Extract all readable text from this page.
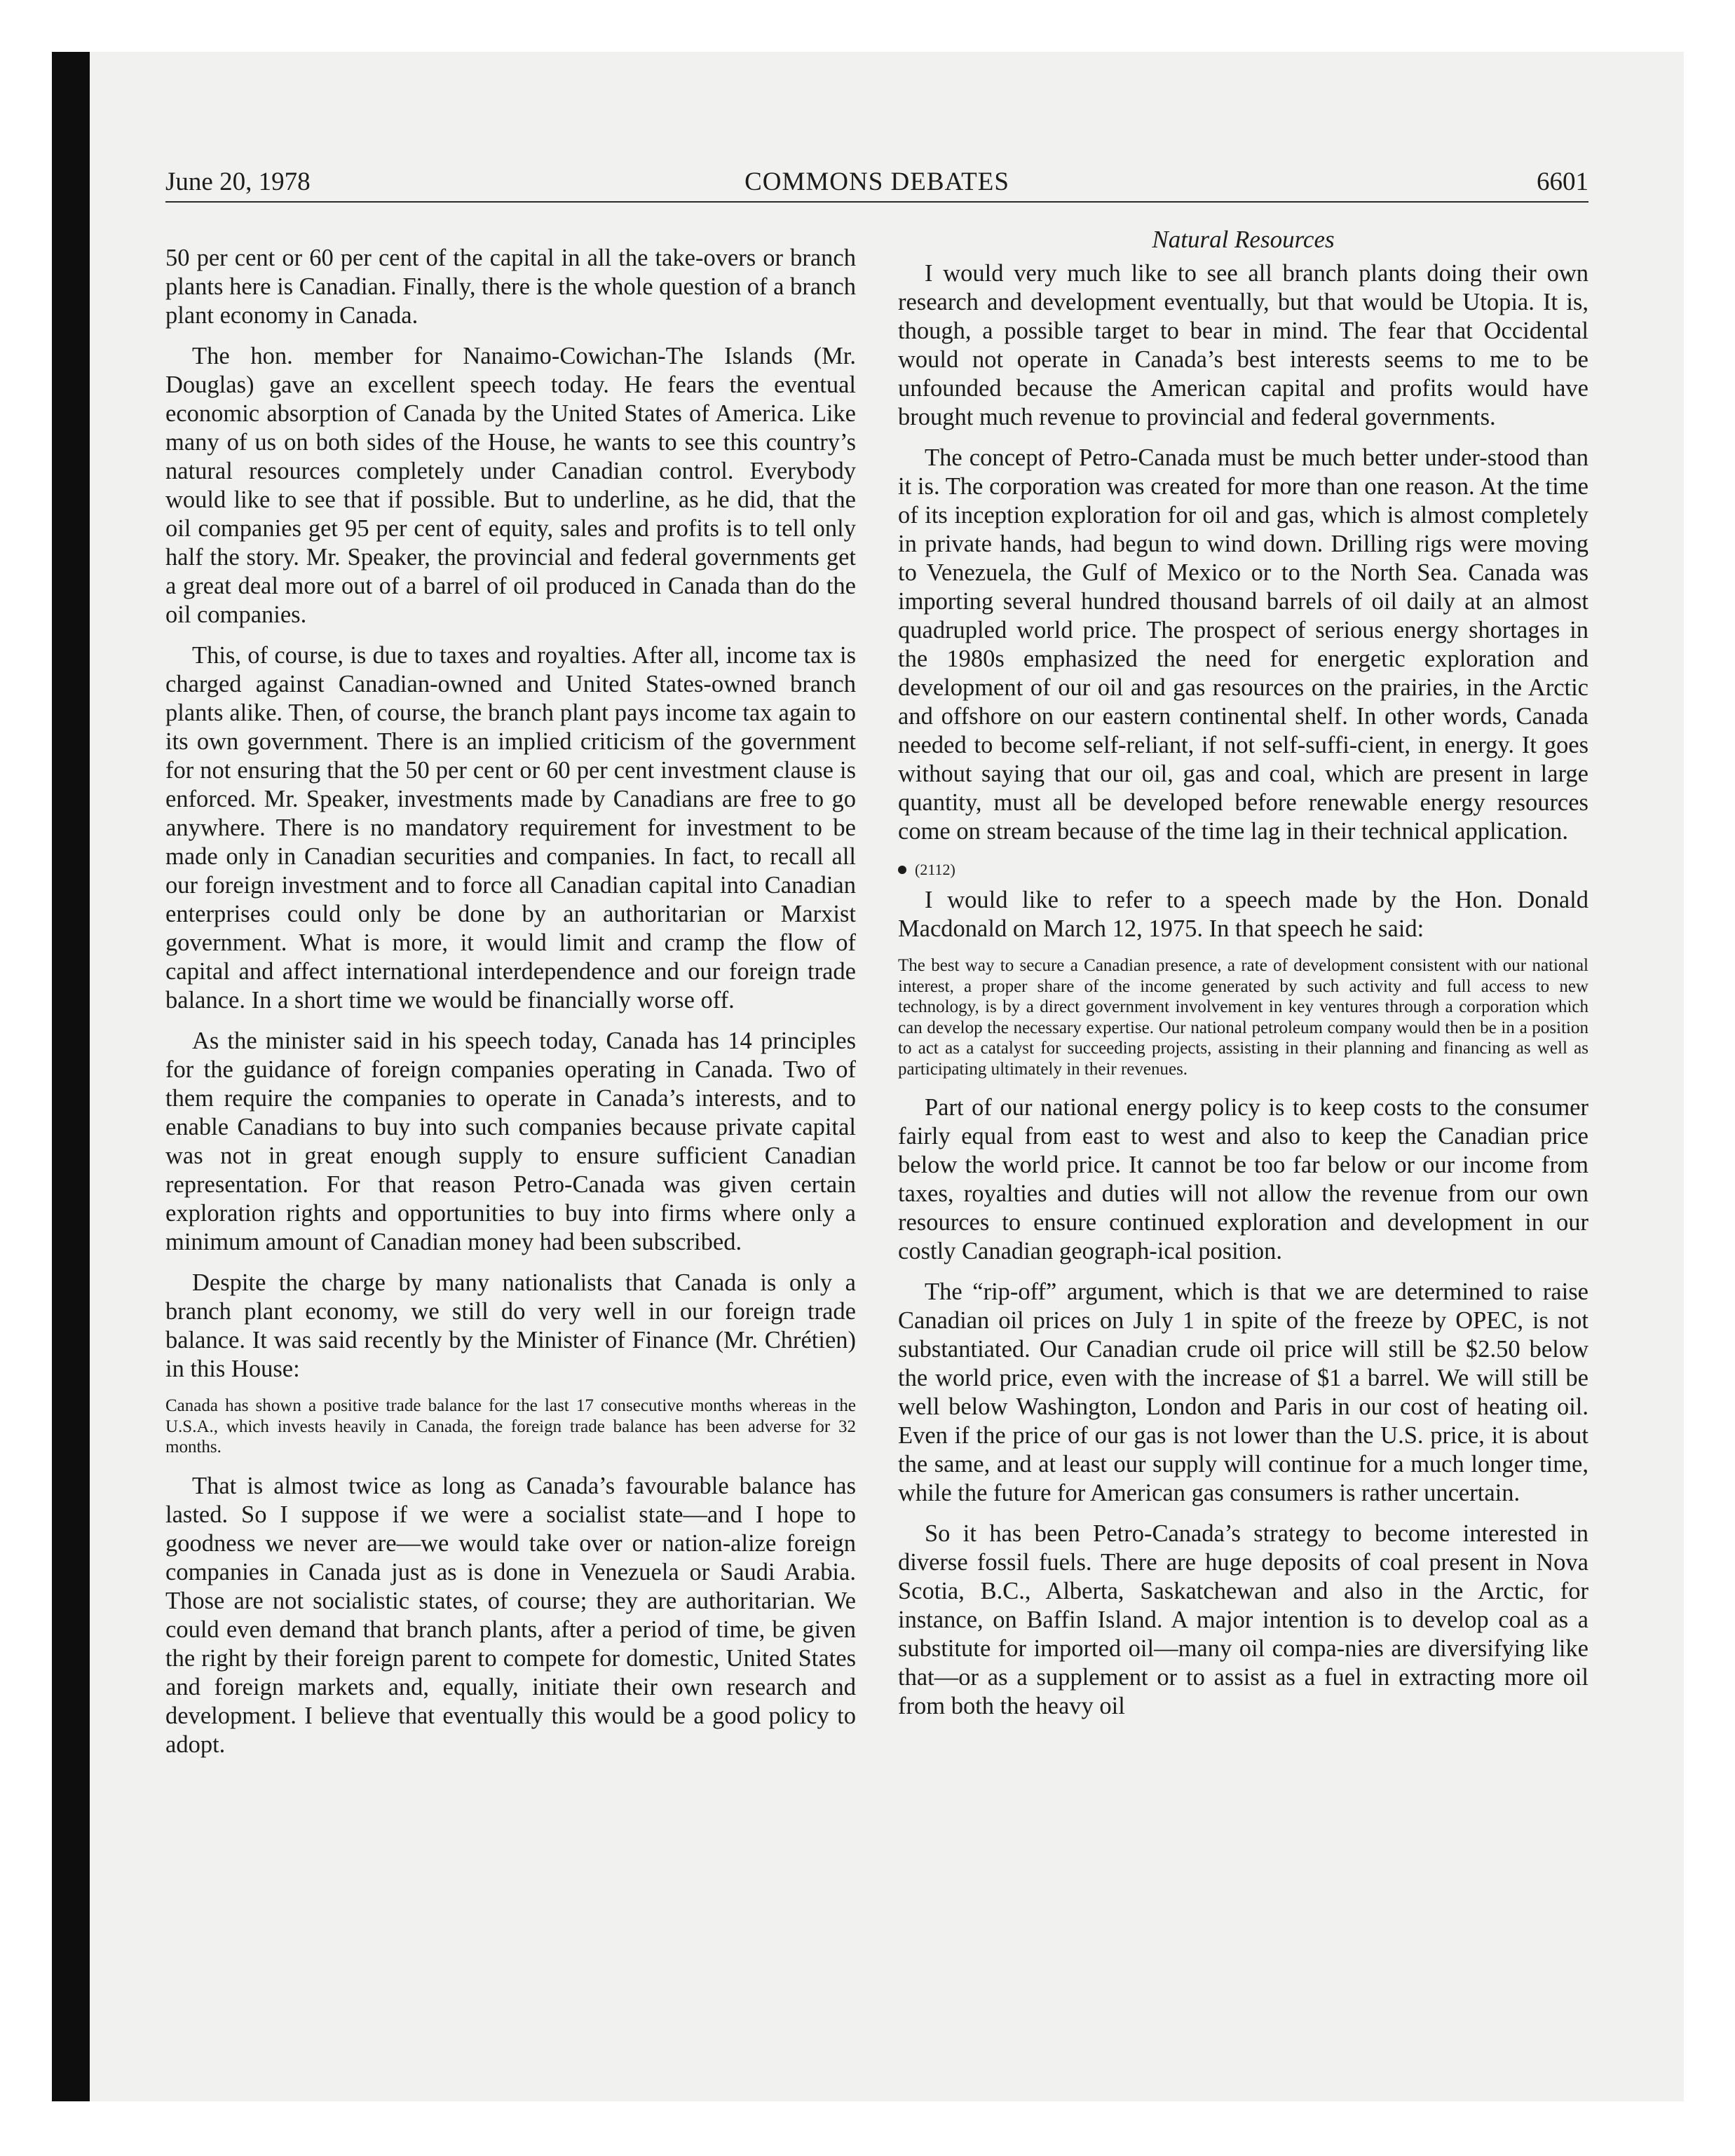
June 20, 1978	COMMONS DEBATES	6601

50 per cent or 60 per cent of the capital in all the take-overs or branch plants here is Canadian. Finally, there is the whole question of a branch plant economy in Canada.

The hon. member for Nanaimo-Cowichan-The Islands (Mr. Douglas) gave an excellent speech today. He fears the eventual economic absorption of Canada by the United States of America. Like many of us on both sides of the House, he wants to see this country’s natural resources completely under Canadian control. Everybody would like to see that if possible. But to underline, as he did, that the oil companies get 95 per cent of equity, sales and profits is to tell only half the story. Mr. Speaker, the provincial and federal governments get a great deal more out of a barrel of oil produced in Canada than do the oil companies.

This, of course, is due to taxes and royalties. After all, income tax is charged against Canadian-owned and United States-owned branch plants alike. Then, of course, the branch plant pays income tax again to its own government. There is an implied criticism of the government for not ensuring that the 50 per cent or 60 per cent investment clause is enforced. Mr. Speaker, investments made by Canadians are free to go anywhere. There is no mandatory requirement for investment to be made only in Canadian securities and companies. In fact, to recall all our foreign investment and to force all Canadian capital into Canadian enterprises could only be done by an authoritarian or Marxist government. What is more, it would limit and cramp the flow of capital and affect international interdependence and our foreign trade balance. In a short time we would be financially worse off.

As the minister said in his speech today, Canada has 14 principles for the guidance of foreign companies operating in Canada. Two of them require the companies to operate in Canada’s interests, and to enable Canadians to buy into such companies because private capital was not in great enough supply to ensure sufficient Canadian representation. For that reason Petro-Canada was given certain exploration rights and opportunities to buy into firms where only a minimum amount of Canadian money had been subscribed.

Despite the charge by many nationalists that Canada is only a branch plant economy, we still do very well in our foreign trade balance. It was said recently by the Minister of Finance (Mr. Chrétien) in this House:

Canada has shown a positive trade balance for the last 17 consecutive months whereas in the U.S.A., which invests heavily in Canada, the foreign trade balance has been adverse for 32 months.

That is almost twice as long as Canada’s favourable balance has lasted. So I suppose if we were a socialist state—and I hope to goodness we never are—we would take over or nation-alize foreign companies in Canada just as is done in Venezuela or Saudi Arabia. Those are not socialistic states, of course; they are authoritarian. We could even demand that branch plants, after a period of time, be given the right by their foreign parent to compete for domestic, United States and foreign markets and, equally, initiate their own research and development. I believe that eventually this would be a good policy to adopt.

Natural Resources

I would very much like to see all branch plants doing their own research and development eventually, but that would be Utopia. It is, though, a possible target to bear in mind. The fear that Occidental would not operate in Canada’s best interests seems to me to be unfounded because the American capital and profits would have brought much revenue to provincial and federal governments.

The concept of Petro-Canada must be much better under-stood than it is. The corporation was created for more than one reason. At the time of its inception exploration for oil and gas, which is almost completely in private hands, had begun to wind down. Drilling rigs were moving to Venezuela, the Gulf of Mexico or to the North Sea. Canada was importing several hundred thousand barrels of oil daily at an almost quadrupled world price. The prospect of serious energy shortages in the 1980s emphasized the need for energetic exploration and development of our oil and gas resources on the prairies, in the Arctic and offshore on our eastern continental shelf. In other words, Canada needed to become self-reliant, if not self-suffi-cient, in energy. It goes without saying that our oil, gas and coal, which are present in large quantity, must all be developed before renewable energy resources come on stream because of the time lag in their technical application.

(2112)

I would like to refer to a speech made by the Hon. Donald Macdonald on March 12, 1975. In that speech he said:

The best way to secure a Canadian presence, a rate of development consistent with our national interest, a proper share of the income generated by such activity and full access to new technology, is by a direct government involvement in key ventures through a corporation which can develop the necessary expertise. Our national petroleum company would then be in a position to act as a catalyst for succeeding projects, assisting in their planning and financing as well as participating ultimately in their revenues.

Part of our national energy policy is to keep costs to the consumer fairly equal from east to west and also to keep the Canadian price below the world price. It cannot be too far below or our income from taxes, royalties and duties will not allow the revenue from our own resources to ensure continued exploration and development in our costly Canadian geograph-ical position.

The “rip-off” argument, which is that we are determined to raise Canadian oil prices on July 1 in spite of the freeze by OPEC, is not substantiated. Our Canadian crude oil price will still be $2.50 below the world price, even with the increase of $1 a barrel. We will still be well below Washington, London and Paris in our cost of heating oil. Even if the price of our gas is not lower than the U.S. price, it is about the same, and at least our supply will continue for a much longer time, while the future for American gas consumers is rather uncertain.

So it has been Petro-Canada’s strategy to become interested in diverse fossil fuels. There are huge deposits of coal present in Nova Scotia, B.C., Alberta, Saskatchewan and also in the Arctic, for instance, on Baffin Island. A major intention is to develop coal as a substitute for imported oil—many oil compa-nies are diversifying like that—or as a supplement or to assist as a fuel in extracting more oil from both the heavy oil
